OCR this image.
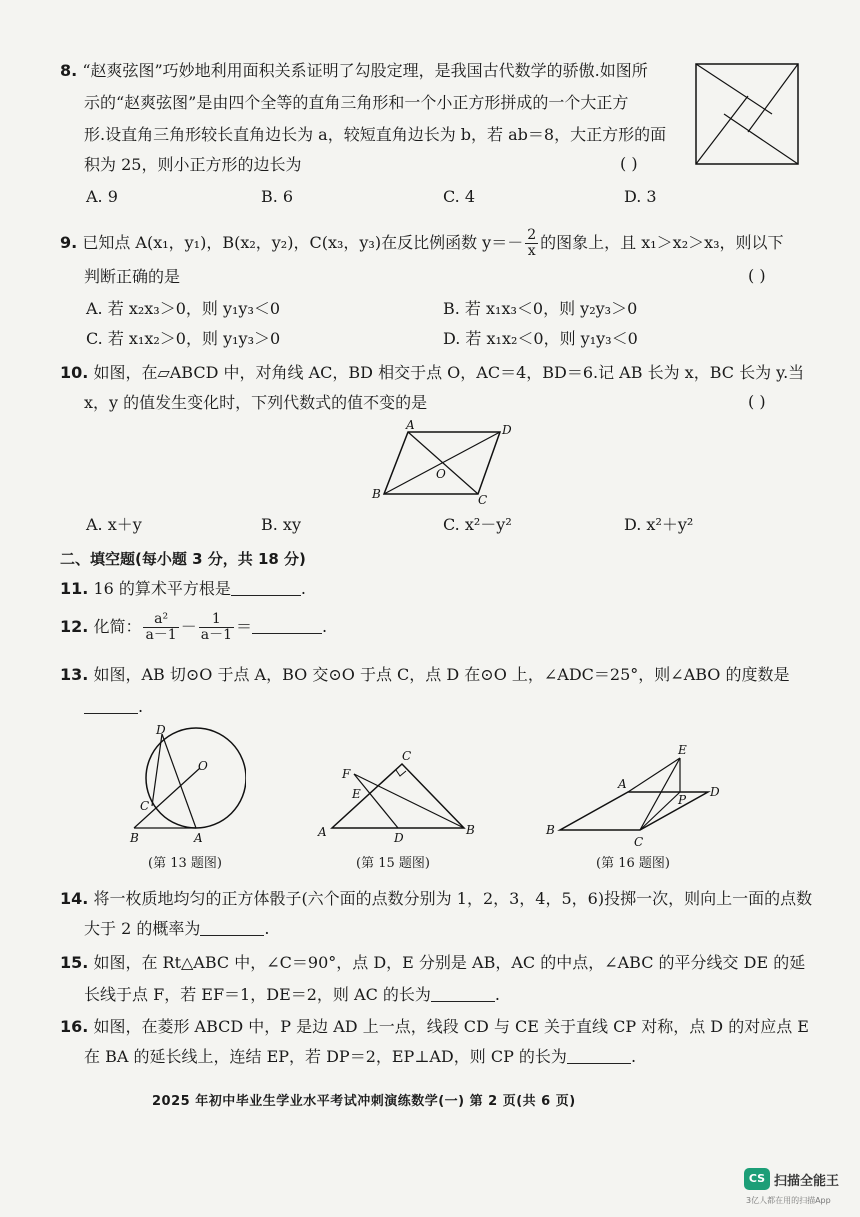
8. “赵爽弦图”巧妙地利用面积关系证明了勾股定理，是我国古代数学的骄傲.如图所
示的“赵爽弦图”是由四个全等的直角三角形和一个小正方形拼成的一个大正方
形.设直角三角形较长直角边长为 a，较短直角边长为 b，若 ab＝8，大正方形的面
积为 25，则小正方形的边长为	( )
A. 9	B. 6	C. 4	D. 3
9. 已知点 A(x₁，y₁)，B(x₂，y₂)，C(x₃，y₃)在反比例函数 $y=- \frac{2}{x}$ 的图象上，且 x₁＞x₂＞x₃，则以下
判断正确的是	( )
A. 若 x₂x₃＞0，则 y₁y₃＜0	B. 若 x₁x₃＜0，则 y₂y₃＞0
C. 若 x₁x₂＞0，则 y₁y₃＞0	D. 若 x₁x₂＜0，则 y₁y₃＜0
10. 如图，在▱ABCD 中，对角线 AC，BD 相交于点 O，AC＝4，BD＝6.记 AB 长为 x，BC 长为 y.当
x，y 的值发生变化时，下列代数式的值不变的是	( )
A	D
B	C
O
A. x＋y	B. xy	C. x²－y²	D. x²＋y²
二、填空题(每小题 3 分，共 18 分)
11. 16 的算术平方根是	.
12. 化简： $\frac{\text{a²}}{a-1} - \frac{1}{a-1}$ ＝	.
13. 如图，AB 切⊙O 于点 A，BO 交⊙O 于点 C，点 D 在⊙O 上，∠ADC＝25°，则∠ABO 的度数是
.
D
O
C
B	A
(第 13 题图)
C
F
E
A	D
B
(第 15 题图)
E
A
P
D
B
C
(第 16 题图)
14. 将一枚质地均匀的正方体骰子(六个面的点数分别为 1，2，3，4，5，6)投掷一次，则向上一面的点数
大于 2 的概率为	.
15. 如图，在 Rt△ABC 中，∠C＝90°，点 D，E 分别是 AB，AC 的中点，∠ABC 的平分线交 DE 的延
长线于点 F，若 EF＝1，DE＝2，则 AC 的长为	.
16. 如图，在菱形 ABCD 中，P 是边 AD 上一点，线段 CD 与 CE 关于直线 CP 对称，点 D 的对应点 E
在 BA 的延长线上，连结 EP，若 DP＝2，EP⊥AD，则 CP 的长为	.
2025 年初中毕业生学业水平考试冲刺演练数学(一) 第 2 页(共 6 页)
CS 扫描全能王
3亿人都在用的扫描App
